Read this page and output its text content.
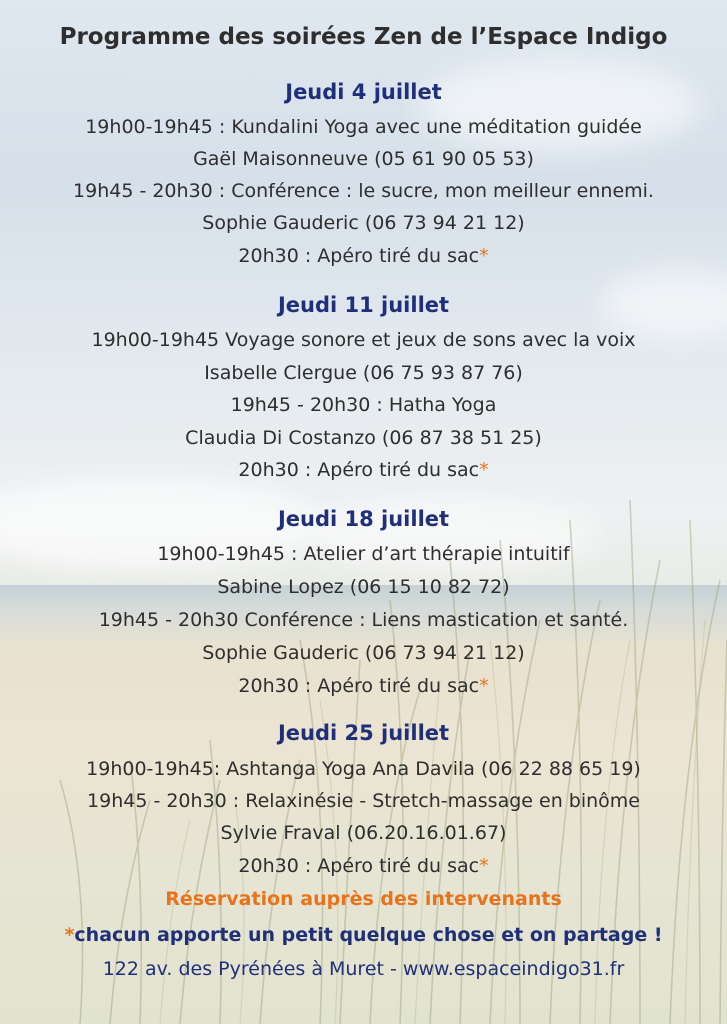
Programme des soirées Zen de l’Espace Indigo
Jeudi 4 juillet
19h00-19h45 : Kundalini Yoga avec une méditation guidée
Gaël Maisonneuve (05 61 90 05 53)
19h45 - 20h30 : Conférence : le sucre, mon meilleur ennemi.
Sophie Gauderic (06 73 94 21 12)
20h30 : Apéro tiré du sac*
Jeudi 11 juillet
19h00-19h45 Voyage sonore et jeux de sons avec la voix
Isabelle Clergue (06 75 93 87 76)
19h45 - 20h30 : Hatha Yoga
Claudia Di Costanzo (06 87 38 51 25)
20h30 : Apéro tiré du sac*
Jeudi 18 juillet
19h00-19h45 : Atelier d’art thérapie intuitif
Sabine Lopez (06 15 10 82 72)
19h45 - 20h30 Conférence : Liens mastication et santé.
Sophie Gauderic (06 73 94 21 12)
20h30 : Apéro tiré du sac*
Jeudi 25 juillet
19h00-19h45: Ashtanga Yoga Ana Davila (06 22 88 65 19)
19h45 - 20h30 : Relaxinésie - Stretch-massage en binôme
Sylvie Fraval (06.20.16.01.67)
20h30 : Apéro tiré du sac*
Réservation auprès des intervenants
*chacun apporte un petit quelque chose et on partage !
122 av. des Pyrénées à Muret - www.espaceindigo31.fr
